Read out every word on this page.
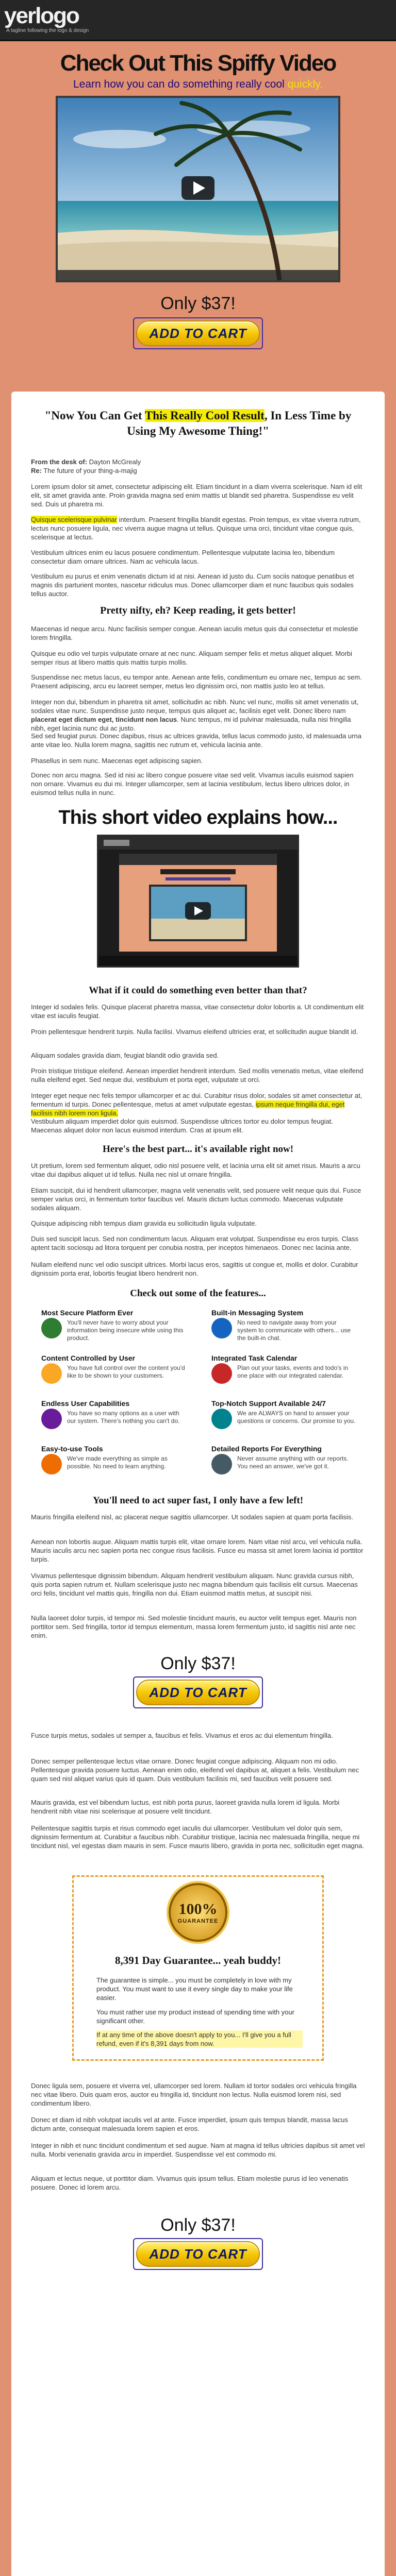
yerlogo
A tagline following the logo & design
Check Out This Spiffy Video
Learn how you can do something really cool quickly.
Only $37!
ADD TO CART
"Now You Can Get This Really Cool Result, In Less Time by Using My Awesome Thing!"
From the desk of: Dayton McGrealy
Re: The future of your thing-a-majig
Lorem ipsum dolor sit amet, consectetur adipiscing elit. Etiam tincidunt in a diam viverra scelerisque. Nam id elit elit, sit amet gravida ante. Proin gravida magna sed enim mattis ut blandit sed pharetra. Suspendisse eu velit sed. Duis ut pharetra mi.
Quisque scelerisque pulvinar interdum. Praesent fringilla blandit egestas. Proin tempus, ex vitae viverra rutrum, lectus nunc posuere ligula, nec viverra augue magna ut tellus. Quisque urna orci, tincidunt vitae congue quis, scelerisque at lectus.
Vestibulum ultrices enim eu lacus posuere condimentum. Pellentesque vulputate lacinia leo, bibendum consectetur diam ornare ultrices. Nam ac vehicula lacus.
Vestibulum eu purus et enim venenatis dictum id at nisi. Aenean id justo du. Cum sociis natoque penatibus et magnis dis parturient montes, nascetur ridiculus mus. Donec ullamcorper diam et nunc faucibus quis sodales tellus auctor.
Pretty nifty, eh? Keep reading, it gets better!
Maecenas id neque arcu. Nunc facilisis semper congue. Aenean iaculis metus quis dui consectetur et molestie lorem fringilla.
Quisque eu odio vel turpis vulputate ornare at nec nunc. Aliquam semper felis et metus aliquet aliquet. Morbi semper risus at libero mattis quis mattis turpis mollis.
Suspendisse nec metus lacus, eu tempor ante. Aenean ante felis, condimentum eu ornare nec, tempus ac sem. Praesent adipiscing, arcu eu laoreet semper, metus leo dignissim orci, non mattis justo leo at tellus.
Integer non dui, bibendum in pharetra sit amet, sollicitudin ac nibh. Nunc vel nunc, mollis sit amet venenatis ut, sodales vitae nunc. Suspendisse justo neque, tempus quis aliquet ac, facilisis eget velit. Donec libero nam placerat eget dictum eget, tincidunt non lacus. Nunc tempus, mi id pulvinar malesuada, nulla nisi fringilla nibh, eget lacinia nunc dui ac justo.
Sed sed feugiat purus. Donec dapibus, risus ac ultrices gravida, tellus lacus commodo justo, id malesuada urna ante vitae leo. Nulla lorem magna, sagittis nec rutrum et, vehicula lacinia ante.
Phasellus in sem nunc. Maecenas eget adipiscing sapien.
Donec non arcu magna. Sed id nisi ac libero congue posuere vitae sed velit. Vivamus iaculis euismod sapien non ornare. Vivamus eu dui mi. Integer ullamcorper, sem at lacinia vestibulum, lectus libero ultrices dolor, in euismod tellus nulla in nunc.
This short video explains how...
What if it could do something even better than that?
Integer id sodales felis. Quisque placerat pharetra massa, vitae consectetur dolor lobortis a. Ut condimentum elit vitae est iaculis feugiat.
Proin pellentesque hendrerit turpis. Nulla facilisi. Vivamus eleifend ultricies erat, et sollicitudin augue blandit id.
Aliquam sodales gravida diam, feugiat blandit odio gravida sed.
Proin tristique tristique eleifend. Aenean imperdiet hendrerit interdum. Sed mollis venenatis metus, vitae eleifend nulla eleifend eget. Sed neque dui, vestibulum et porta eget, vulputate ut orci.
Integer eget neque nec felis tempor ullamcorper et ac dui. Curabitur risus dolor, sodales sit amet consectetur at, fermentum id turpis. Donec pellentesque, metus at amet vulputate egestas, ipsum neque fringilla dui, eget facilisis nibh lorem non ligula.
Vestibulum aliquam imperdiet dolor quis euismod. Suspendisse ultrices tortor eu dolor tempus feugiat. Maecenas aliquet dolor non lacus euismod interdum. Cras at ipsum elit.
Here's the best part... it's available right now!
Ut pretium, lorem sed fermentum aliquet, odio nisl posuere velit, et lacinia urna elit sit amet risus. Mauris a arcu vitae dui dapibus aliquet ut id tellus. Nulla nec nisl ut ornare fringilla.
Etiam suscipit, dui id hendrerit ullamcorper, magna velit venenatis velit, sed posuere velit neque quis dui. Fusce semper varius orci, in fermentum tortor faucibus vel. Mauris dictum luctus commodo. Maecenas vulputate sodales aliquam.
Quisque adipiscing nibh tempus diam gravida eu sollicitudin ligula vulputate.
Duis sed suscipit lacus. Sed non condimentum lacus. Aliquam erat volutpat. Suspendisse eu eros turpis. Class aptent taciti sociosqu ad litora torquent per conubia nostra, per inceptos himenaeos. Donec nec lacinia ante.
Nullam eleifend nunc vel odio suscipit ultrices. Morbi lacus eros, sagittis ut congue et, mollis et dolor. Curabitur dignissim porta erat, lobortis feugiat libero hendrerit non.
Check out some of the features...
Most Secure Platform Ever
You'll never have to worry about your information being insecure while using this product.
Built-in Messaging System
No need to navigate away from your system to communicate with others... use the built-in chat.
Content Controlled by User
You have full control over the content you'd like to be shown to your customers.
Integrated Task Calendar
Plan out your tasks, events and todo's in one place with our integrated calendar.
Endless User Capabilities
You have so many options as a user with our system. There's nothing you can't do.
Top-Notch Support Available 24/7
We are ALWAYS on hand to answer your questions or concerns. Our promise to you.
Easy-to-use Tools
We've made everything as simple as possible. No need to learn anything.
Detailed Reports For Everything
Never assume anything with our reports. You need an answer, we've got it.
You'll need to act super fast, I only have a few left!
Mauris fringilla eleifend nisl, ac placerat neque sagittis ullamcorper. Ut sodales sapien at quam porta facilisis.
Aenean non lobortis augue. Aliquam mattis turpis elit, vitae ornare lorem. Nam vitae nisl arcu, vel vehicula nulla. Mauris iaculis arcu nec sapien porta nec congue risus facilisis. Fusce eu massa sit amet lorem lacinia id porttitor turpis.
Vivamus pellentesque dignissim bibendum. Aliquam hendrerit vestibulum aliquam. Nunc gravida cursus nibh, quis porta sapien rutrum et. Nullam scelerisque justo nec magna bibendum quis facilisis elit cursus. Maecenas orci felis, tincidunt vel mattis quis, fringilla non dui. Etiam euismod mattis metus, at suscipit nisi.
Nulla laoreet dolor turpis, id tempor mi. Sed molestie tincidunt mauris, eu auctor velit tempus eget. Mauris non porttitor sem. Sed fringilla, tortor id tempus elementum, massa lorem fermentum justo, id sagittis nisl ante nec enim.
Only $37!
ADD TO CART
Fusce turpis metus, sodales ut semper a, faucibus et felis. Vivamus et eros ac dui elementum fringilla.
Donec semper pellentesque lectus vitae ornare. Donec feugiat congue adipiscing. Aliquam non mi odio. Pellentesque gravida posuere luctus. Aenean enim odio, eleifend vel dapibus at, aliquet a felis. Vestibulum nec quam sed nisl aliquet varius quis id quam. Duis vestibulum facilisis mi, sed faucibus velit posuere sed.
Mauris gravida, est vel bibendum luctus, est nibh porta purus, laoreet gravida nulla lorem id ligula. Morbi hendrerit nibh vitae nisi scelerisque at posuere velit tincidunt.
Pellentesque sagittis turpis et risus commodo eget iaculis dui ullamcorper. Vestibulum vel dolor quis sem, dignissim fermentum at. Curabitur a faucibus nibh. Curabitur tristique, lacinia nec malesuada fringilla, neque mi tincidunt nisl, vel egestas diam mauris in sem. Fusce mauris libero, gravida in porta nec, sollicitudin eget magna.
100%
GUARANTEE
8,391 Day Guarantee... yeah buddy!
The guarantee is simple... you must be completely in love with my product. You must want to use it every single day to make your life easier.
You must rather use my product instead of spending time with your significant other.
If at any time of the above doesn't apply to you... I'll give you a full refund, even if it's 8,391 days from now.
Donec ligula sem, posuere et viverra vel, ullamcorper sed lorem. Nullam id tortor sodales orci vehicula fringilla nec vitae libero. Duis quam eros, auctor eu fringilla id, tincidunt non lectus. Nulla euismod lorem nisi, sed condimentum libero.
Donec et diam id nibh volutpat iaculis vel at ante. Fusce imperdiet, ipsum quis tempus blandit, massa lacus dictum ante, consequat malesuada lorem sapien et eros.
Integer in nibh et nunc tincidunt condimentum et sed augue. Nam at magna id tellus ultricies dapibus sit amet vel nulla. Morbi venenatis gravida arcu in imperdiet. Suspendisse vel est commodo mi.
Aliquam et lectus neque, ut porttitor diam. Vivamus quis ipsum tellus. Etiam molestie purus id leo venenatis posuere. Donec id lorem arcu.
Only $37!
ADD TO CART
